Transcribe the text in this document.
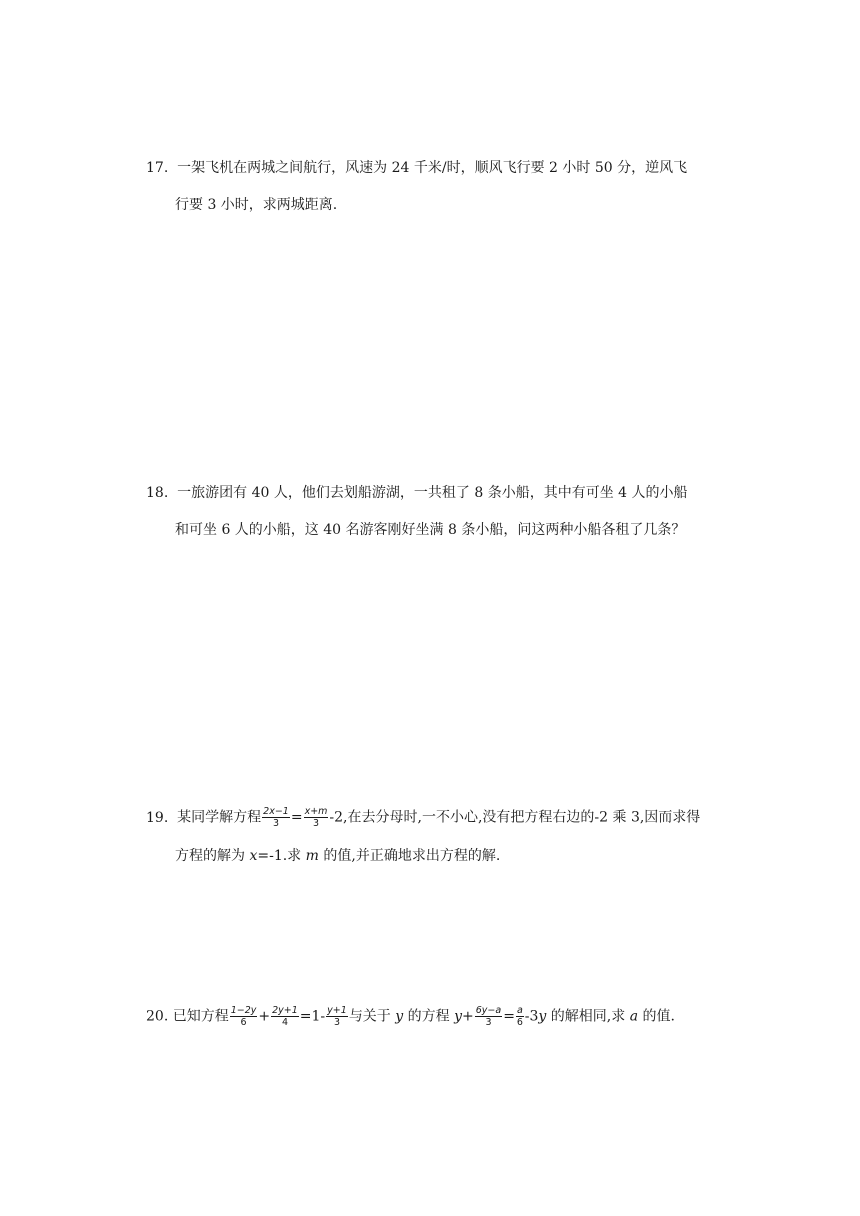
17. 一架飞机在两城之间航行，风速为 24 千米/时，顺风飞行要 2 小时 50 分，逆风飞
行要 3 小时，求两城距离.
18. 一旅游团有 40 人，他们去划船游湖，一共租了 8 条小船，其中有可坐 4 人的小船
和可坐 6 人的小船，这 40 名游客刚好坐满 8 条小船，问这两种小船各租了几条？
19. 某同学解方程 $\frac{2x-1}{3} = \frac{x+m}{3} -2$,在去分母时,一不小心,没有把方程右边的-2 乘 3,因而求得
方程的解为 x=-1.求 m 的值,并正确地求出方程的解.
20. 已知方程 $\frac{1-2y}{6} + \frac{2y+1}{4} =1- \frac{y+1}{3}$ 与关于 y 的方程 $y+ \frac{6y-a}{3} = \frac{a}{6} -3y$ 的解相同,求 a 的值.
